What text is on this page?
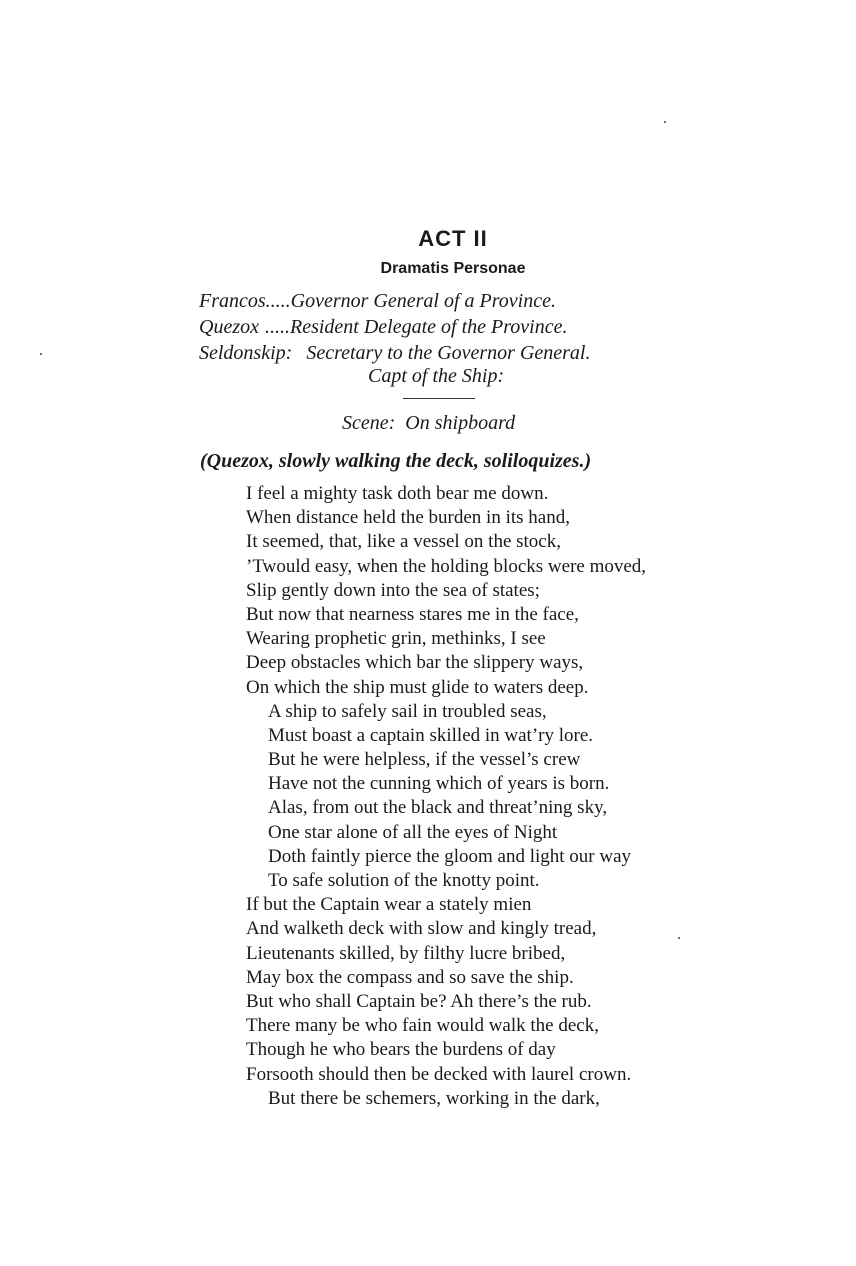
ACT II
Dramatis Personae
Francos.....Governor General of a Province.
Quezox .....Resident Delegate of the Province.
Seldonskip: Secretary to the Governor General.
Capt of the Ship:
Scene: On shipboard
(Quezox, slowly walking the deck, soliloquizes.)
I feel a mighty task doth bear me down.
When distance held the burden in its hand,
It seemed, that, like a vessel on the stock,
’Twould easy, when the holding blocks were moved,
Slip gently down into the sea of states;
But now that nearness stares me in the face,
Wearing prophetic grin, methinks, I see
Deep obstacles which bar the slippery ways,
On which the ship must glide to waters deep.
A ship to safely sail in troubled seas,
Must boast a captain skilled in wat’ry lore.
But he were helpless, if the vessel’s crew
Have not the cunning which of years is born.
Alas, from out the black and threat’ning sky,
One star alone of all the eyes of Night
Doth faintly pierce the gloom and light our way
To safe solution of the knotty point.
If but the Captain wear a stately mien
And walketh deck with slow and kingly tread,
Lieutenants skilled, by filthy lucre bribed,
May box the compass and so save the ship.
But who shall Captain be? Ah there’s the rub.
There many be who fain would walk the deck,
Though he who bears the burdens of day
Forsooth should then be decked with laurel crown.
But there be schemers, working in the dark,
